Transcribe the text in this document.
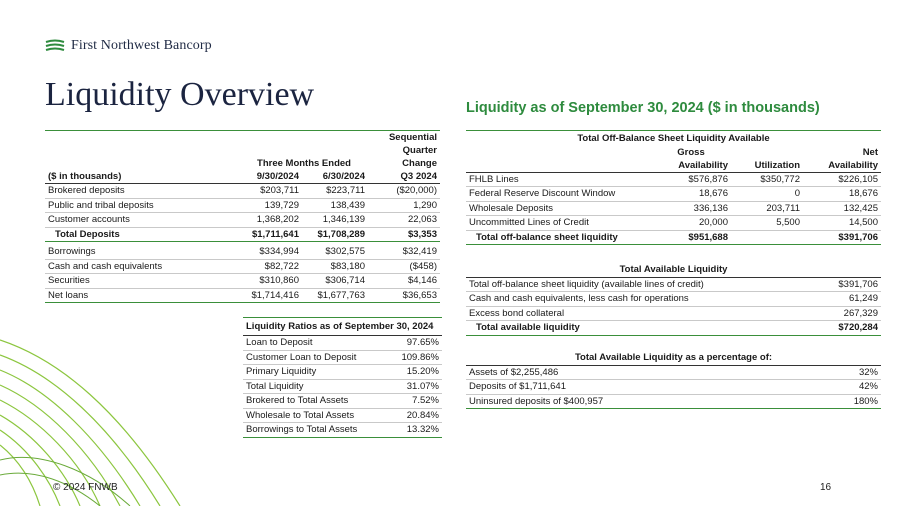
First Northwest Bancorp
Liquidity Overview
			Sequential
			Quarter
	Three Months Ended		Change
($ in thousands)	9/30/2024	6/30/2024	Q3 2024
Brokered deposits	$203,711	$223,711	($20,000)
Public and tribal deposits	139,729	138,439	1,290
Customer accounts	1,368,202	1,346,139	22,063
Total Deposits	$1,711,641	$1,708,289	$3,353

Borrowings	$334,994	$302,575	$32,419
Cash and cash equivalents	$82,722	$83,180	($458)
Securities	$310,860	$306,714	$4,146
Net loans	$1,714,416	$1,677,763	$36,653
Liquidity Ratios as of September 30, 2024	
Loan to Deposit	97.65%
Customer Loan to Deposit	109.86%
Primary Liquidity	15.20%
Total Liquidity	31.07%
Brokered to Total Assets	7.52%
Wholesale to Total Assets	20.84%
Borrowings to Total Assets	13.32%
Liquidity as of September 30, 2024 ($ in thousands)
Total Off-Balance Sheet Liquidity Available			
	Gross		Net
	Availability	Utilization	Availability
FHLB Lines	$576,876	$350,772	$226,105
Federal Reserve Discount Window	18,676	0	18,676
Wholesale Deposits	336,136	203,711	132,425
Uncommitted Lines of Credit	20,000	5,500	14,500
Total off-balance sheet liquidity	$951,688		$391,706
Total Available Liquidity	
Total off-balance sheet liquidity (available lines of credit)	$391,706
Cash and cash equivalents, less cash for operations	61,249
Excess bond collateral	267,329
Total available liquidity	$720,284
Total Available Liquidity as a percentage of:	
Assets of $2,255,486	32%
Deposits of $1,711,641	42%
Uninsured deposits of $400,957	180%
© 2024 FNWB	16
